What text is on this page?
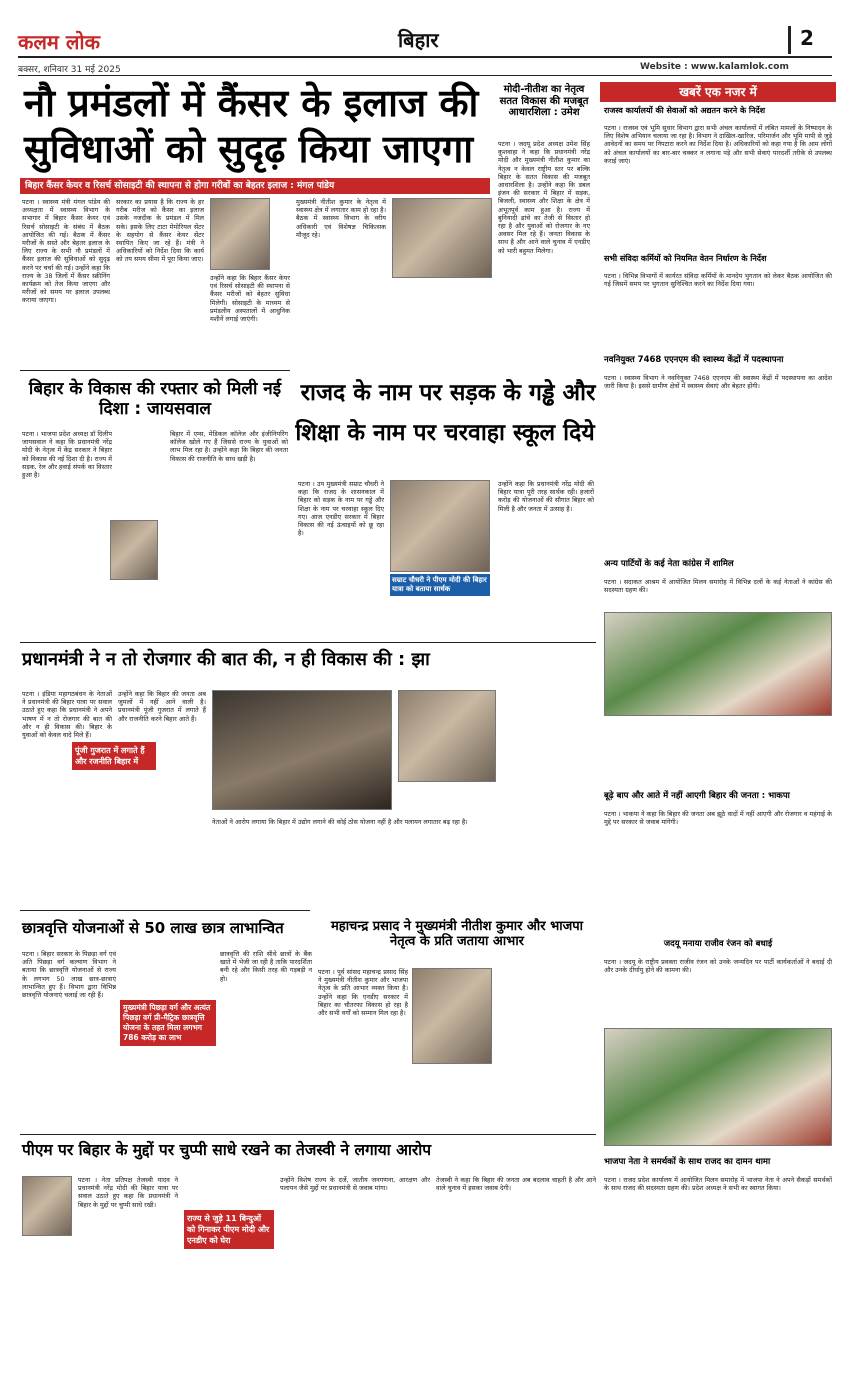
कलम लोक
बक्सर, शनिवार 31 मई 2025
बिहार	2
Website : www.kalamlok.com
नौ प्रमंडलों में कैंसर के इलाज की
सुविधाओं को सुदृढ़ किया जाएगा
बिहार कैंसर केयर व रिसर्च सोसाइटी की स्थापना से होगा गरीबों का बेहतर इलाज : मंगल पांडेय
पटना । स्वास्थ्य मंत्री मंगल पांडेय की अध्यक्षता में स्वास्थ्य विभाग के सभागार में बिहार कैंसर केयर एवं रिसर्च सोसाइटी के संबंध में बैठक आयोजित की गई। बैठक में कैंसर मरीजों के सस्ते और बेहतर इलाज के लिए राज्य के सभी नौ प्रमंडलों में कैंसर इलाज की सुविधाओं को सुदृढ़ करने पर चर्चा की गई। उन्होंने कहा कि राज्य के 38 जिलों में कैंसर स्क्रीनिंग कार्यक्रम को तेज किया जाएगा और मरीजों को समय पर इलाज उपलब्ध कराया जाएगा।
सरकार का प्रयास है कि राज्य के हर गरीब मरीज को कैंसर का इलाज उसके नजदीक के प्रमंडल में मिल सके। इसके लिए टाटा मेमोरियल सेंटर के सहयोग से कैंसर केयर सेंटर स्थापित किए जा रहे हैं। मंत्री ने अधिकारियों को निर्देश दिया कि कार्य को तय समय सीमा में पूरा किया जाए।
उन्होंने कहा कि बिहार कैंसर केयर एवं रिसर्च सोसाइटी की स्थापना से कैंसर मरीजों को बेहतर सुविधा मिलेगी। सोसाइटी के माध्यम से प्रमंडलीय अस्पतालों में आधुनिक मशीनें लगाई जाएंगी।
मुख्यमंत्री नीतीश कुमार के नेतृत्व में स्वास्थ्य क्षेत्र में लगातार काम हो रहा है। बैठक में स्वास्थ्य विभाग के वरीय अधिकारी एवं विशेषज्ञ चिकित्सक मौजूद रहे।
मोदी-नीतीश का नेतृत्व सतत विकास की मजबूत आधारशिला : उमेश
पटना । जदयू प्रदेश अध्यक्ष उमेश सिंह कुशवाहा ने कहा कि प्रधानमंत्री नरेंद्र मोदी और मुख्यमंत्री नीतीश कुमार का नेतृत्व न केवल राष्ट्रीय स्तर पर बल्कि बिहार के सतत विकास की मजबूत आधारशिला है। उन्होंने कहा कि डबल इंजन की सरकार में बिहार में सड़क, बिजली, स्वास्थ्य और शिक्षा के क्षेत्र में अभूतपूर्व काम हुआ है। राज्य में बुनियादी ढांचे का तेजी से विस्तार हो रहा है और युवाओं को रोजगार के नए अवसर मिल रहे हैं। जनता विकास के साथ है और आने वाले चुनाव में एनडीए को भारी बहुमत मिलेगा।
खबरें एक नजर में
राजस्व कार्यालयों की सेवाओं को अद्यतन करने के निर्देश
पटना । राजस्व एवं भूमि सुधार विभाग द्वारा सभी अंचल कार्यालयों में लंबित मामलों के निष्पादन के लिए विशेष अभियान चलाया जा रहा है। विभाग ने दाखिल-खारिज, परिमार्जन और भूमि मापी से जुड़े आवेदनों का समय पर निपटारा करने का निर्देश दिया है। अधिकारियों को कहा गया है कि आम लोगों को अंचल कार्यालयों का बार-बार चक्कर न लगाना पड़े और सभी सेवाएं पारदर्शी तरीके से उपलब्ध कराई जाएं।
सभी संविदा कर्मियों को नियमित वेतन निर्धारण के निर्देश
पटना । विभिन्न विभागों में कार्यरत संविदा कर्मियों के मानदेय भुगतान को लेकर बैठक आयोजित की गई जिसमें समय पर भुगतान सुनिश्चित करने का निर्देश दिया गया।
नवनियुक्त 7468 एएनएम की स्वास्थ्य केंद्रों में पदस्थापना
पटना । स्वास्थ्य विभाग ने नवनियुक्त 7468 एएनएम की स्वास्थ्य केंद्रों में पदस्थापना का आदेश जारी किया है। इससे ग्रामीण क्षेत्रों में स्वास्थ्य सेवाएं और बेहतर होंगी।
अन्य पार्टियों के कई नेता कांग्रेस में शामिल
पटना । सदाकत आश्रम में आयोजित मिलन समारोह में विभिन्न दलों के कई नेताओं ने कांग्रेस की सदस्यता ग्रहण की।
बूढ़े बाप और आते में नहीं आएगी बिहार की जनता : भाकपा
पटना । भाकपा ने कहा कि बिहार की जनता अब झूठे वादों में नहीं आएगी और रोजगार व महंगाई के मुद्दे पर सरकार से जवाब मांगेगी।
जदयू मनाया राजीव रंजन को बधाई
पटना । जदयू के राष्ट्रीय प्रवक्ता राजीव रंजन को उनके जन्मदिन पर पार्टी कार्यकर्ताओं ने बधाई दी और उनके दीर्घायु होने की कामना की।
भाजपा नेता ने समर्थकों के साथ राजद का दामन थामा
पटना । राजद प्रदेश कार्यालय में आयोजित मिलन समारोह में भाजपा नेता ने अपने सैकड़ों समर्थकों के साथ राजद की सदस्यता ग्रहण की। प्रदेश अध्यक्ष ने सभी का स्वागत किया।
बिहार के विकास की रफ्तार को मिली नई दिशा : जायसवाल
पटना । भाजपा प्रदेश अध्यक्ष डॉ दिलीप जायसवाल ने कहा कि प्रधानमंत्री नरेंद्र मोदी के नेतृत्व में केंद्र सरकार ने बिहार को विकास की नई दिशा दी है। राज्य में सड़क, रेल और हवाई संपर्क का विस्तार हुआ है।
बिहार में एम्स, मेडिकल कॉलेज और इंजीनियरिंग कॉलेज खोले गए हैं जिससे राज्य के युवाओं को लाभ मिल रहा है। उन्होंने कहा कि बिहार की जनता विकास की राजनीति के साथ खड़ी है।
राजद के नाम पर सड़क के गड्ढे और
शिक्षा के नाम पर चरवाहा स्कूल दिये
पटना । उप मुख्यमंत्री सम्राट चौधरी ने कहा कि राजद के शासनकाल में बिहार को सड़क के नाम पर गड्ढे और शिक्षा के नाम पर चरवाहा स्कूल दिए गए। आज एनडीए सरकार में बिहार विकास की नई ऊंचाइयों को छू रहा है।
सम्राट चौधरी ने पीएम मोदी की बिहार यात्रा को बताया सार्थक
उन्होंने कहा कि प्रधानमंत्री नरेंद्र मोदी की बिहार यात्रा पूरी तरह सार्थक रही। हजारों करोड़ की योजनाओं की सौगात बिहार को मिली है और जनता में उत्साह है।
प्रधानमंत्री ने न तो रोजगार की बात की, न ही विकास की : झा
पटना । इंडिया महागठबंधन के नेताओं ने प्रधानमंत्री की बिहार यात्रा पर सवाल उठाते हुए कहा कि प्रधानमंत्री ने अपने भाषण में न तो रोजगार की बात की और न ही विकास की। बिहार के युवाओं को केवल वादे मिले हैं।
पूंजी गुजरात में लगाते हैं और रजनीति बिहार में
उन्होंने कहा कि बिहार की जनता अब जुमलों में नहीं आने वाली है। प्रधानमंत्री पूंजी गुजरात में लगाते हैं और राजनीति करने बिहार आते हैं।
नेताओं ने आरोप लगाया कि बिहार में उद्योग लगाने की कोई ठोस योजना नहीं है और पलायन लगातार बढ़ रहा है।
छात्रवृत्ति योजनाओं से 50 लाख छात्र लाभान्वित
पटना । बिहार सरकार के पिछड़ा वर्ग एवं अति पिछड़ा वर्ग कल्याण विभाग ने बताया कि छात्रवृत्ति योजनाओं से राज्य के लगभग 50 लाख छात्र-छात्राएं लाभान्वित हुए हैं। विभाग द्वारा विभिन्न छात्रवृत्ति योजनाएं चलाई जा रही हैं।
मुख्यमंत्री पिछड़ा वर्ग और अत्यंत पिछड़ा वर्ग प्री-मैट्रिक छात्रवृत्ति योजना के तहत मिला लगभग 786 करोड़ का लाभ
छात्रवृत्ति की राशि सीधे छात्रों के बैंक खाते में भेजी जा रही है ताकि पारदर्शिता बनी रहे और किसी तरह की गड़बड़ी न हो।
महाचन्द्र प्रसाद ने मुख्यमंत्री नीतीश कुमार और भाजपा नेतृत्व के प्रति जताया आभार
पटना । पूर्व सांसद महाचन्द्र प्रसाद सिंह ने मुख्यमंत्री नीतीश कुमार और भाजपा नेतृत्व के प्रति आभार व्यक्त किया है। उन्होंने कहा कि एनडीए सरकार में बिहार का चौतरफा विकास हो रहा है और सभी वर्गों को सम्मान मिल रहा है।
पीएम पर बिहार के मुद्दों पर चुप्पी साधे रखने का तेजस्वी ने लगाया आरोप
पटना । नेता प्रतिपक्ष तेजस्वी यादव ने प्रधानमंत्री नरेंद्र मोदी की बिहार यात्रा पर सवाल उठाते हुए कहा कि प्रधानमंत्री ने बिहार के मुद्दों पर चुप्पी साधे रखी।
राज्य से जुड़े 11 बिन्दुओं को गिनाकर पीएम मोदी और एनडीए को घेरा
उन्होंने विशेष राज्य के दर्जे, जातीय जनगणना, आरक्षण और पलायन जैसे मुद्दों पर प्रधानमंत्री से जवाब मांगा।
तेजस्वी ने कहा कि बिहार की जनता अब बदलाव चाहती है और आने वाले चुनाव में इसका जवाब देगी।
